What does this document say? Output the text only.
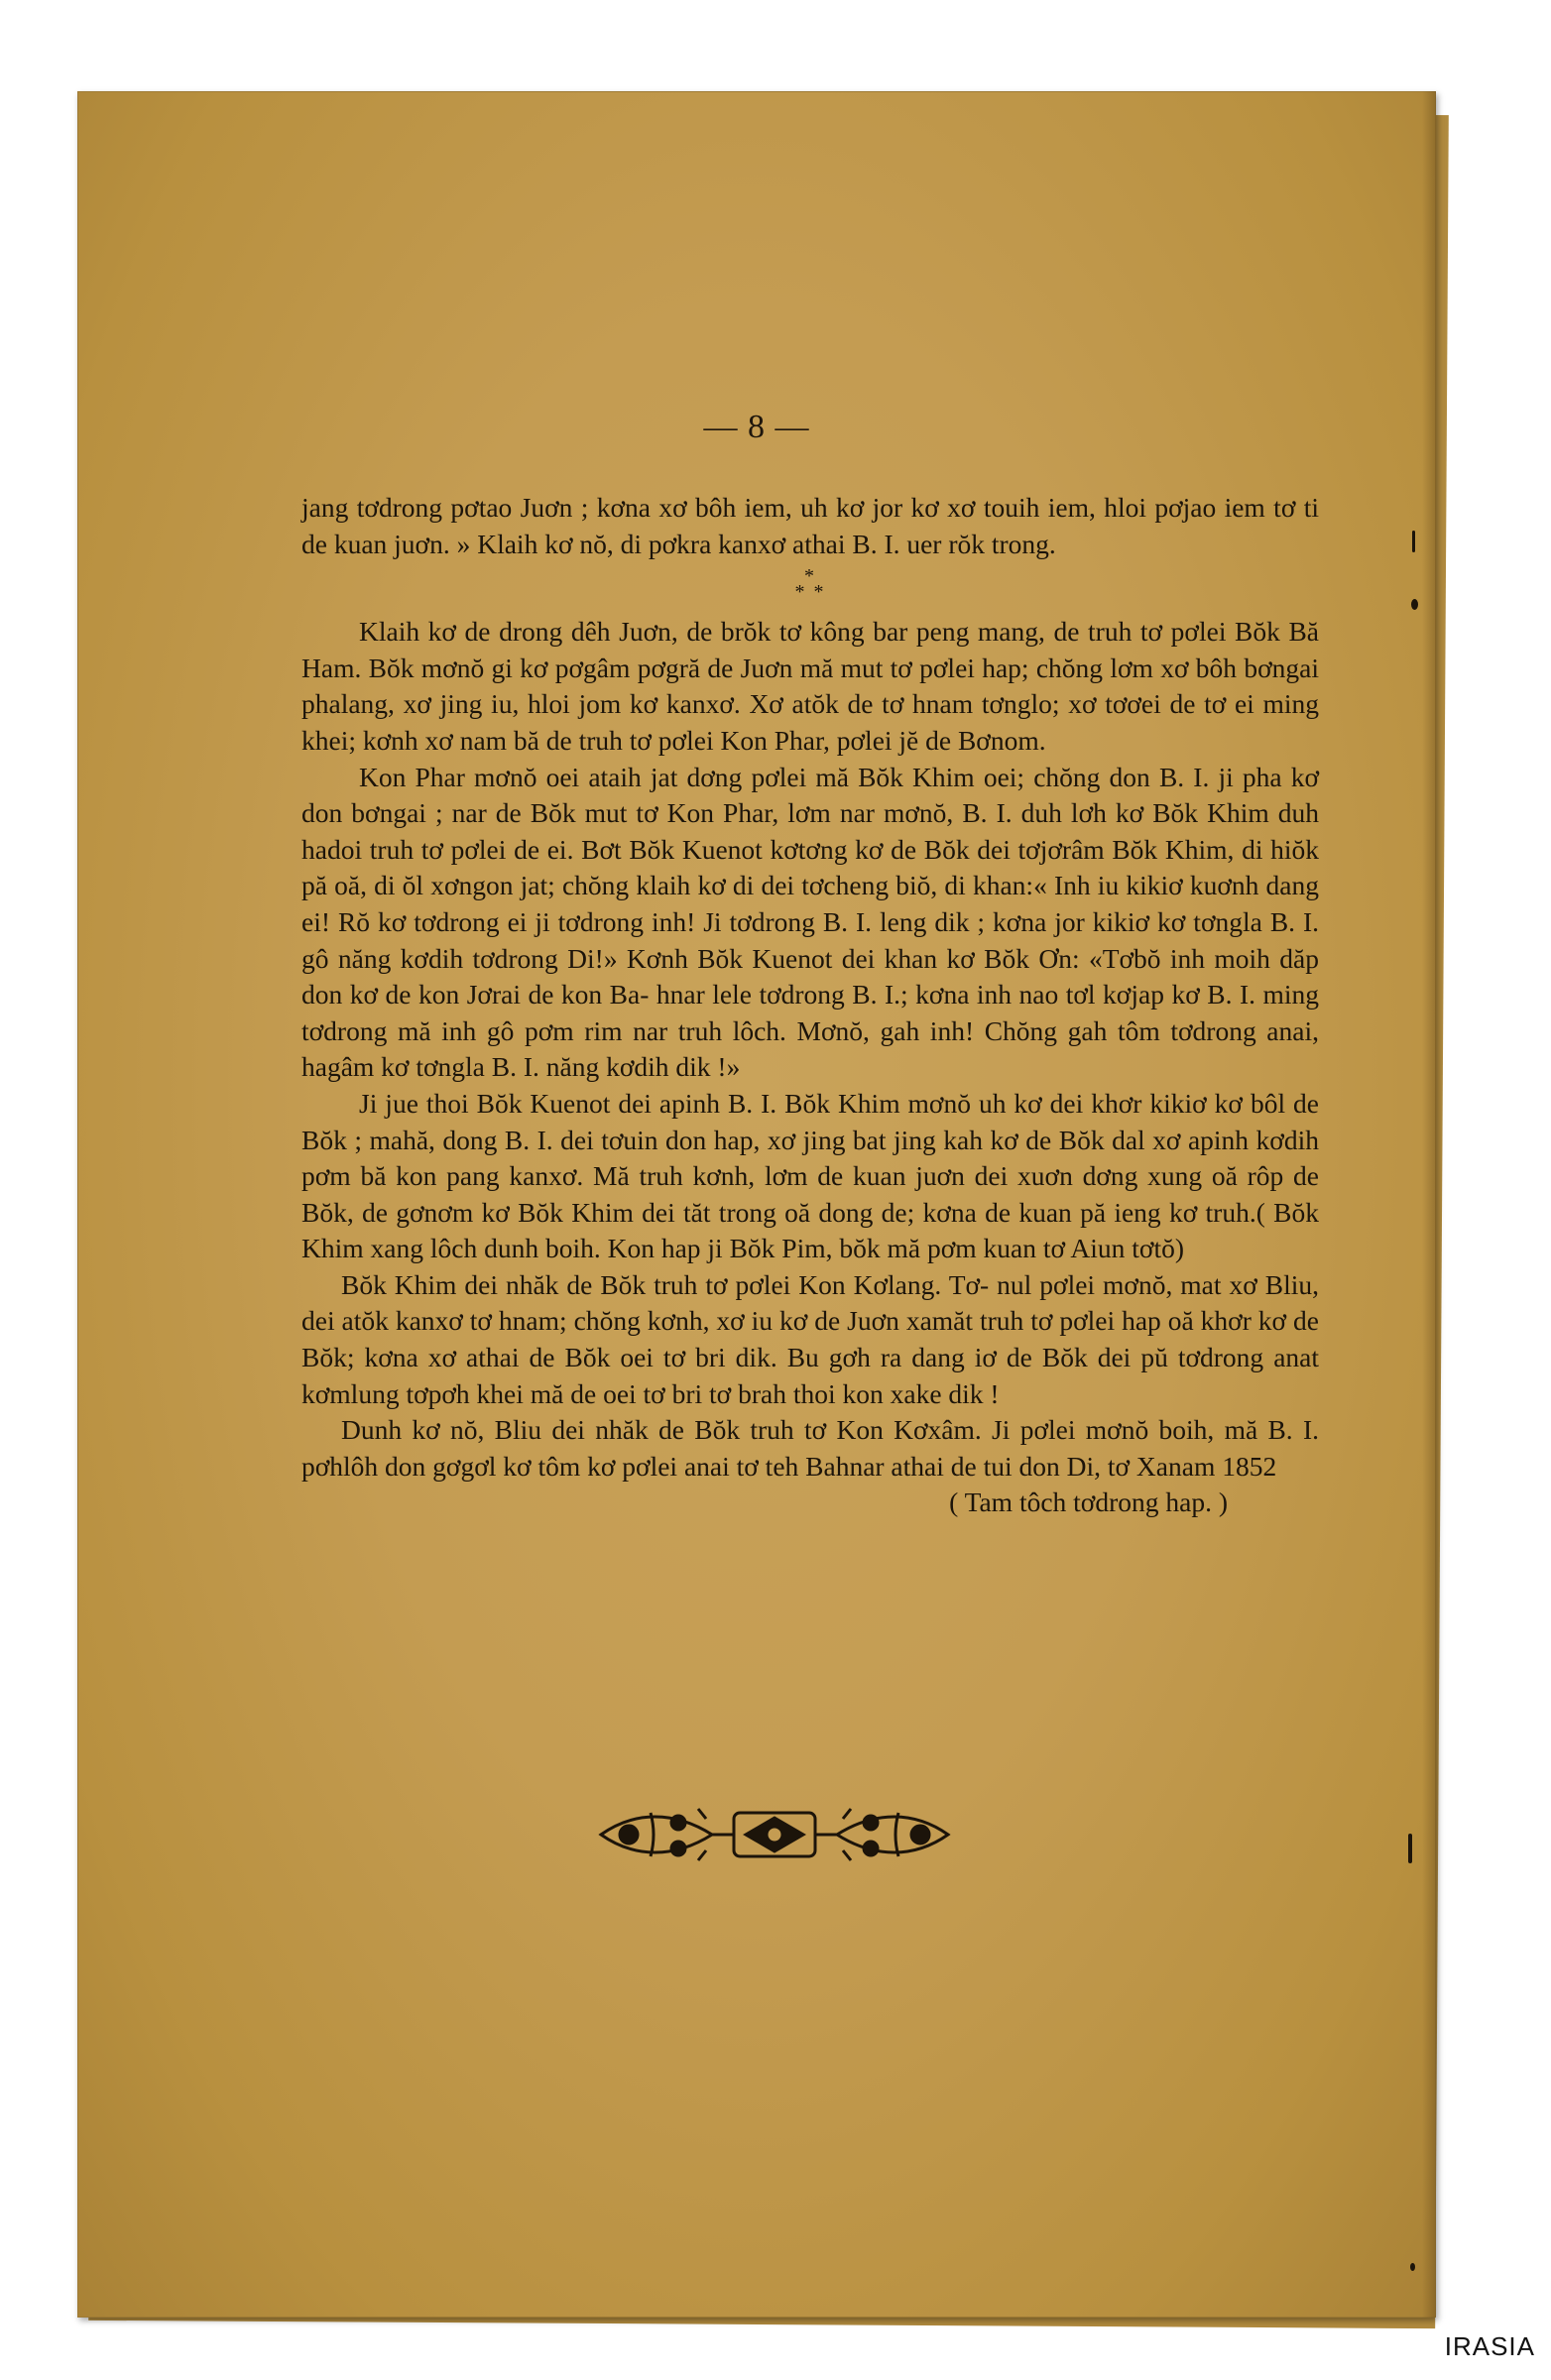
— 8 —

jang tơdrong pơtao Juơn ; kơna xơ bôh iem, uh kơ jor kơ xơ touih iem, hloi pơjao iem tơ ti de kuan juơn. » Klaih kơ nŏ, di pơkra kanxơ athai B. I. uer rŏk trong.

*
* *

Klaih kơ de drong dêh Juơn, de brŏk tơ kông bar peng mang, de truh tơ pơlei Bŏk Bă Ham. Bŏk mơnŏ gi kơ pơgâm pơgră de Juơn mă mut tơ pơlei hap; chŏng lơm xơ bôh bơngai phalang, xơ jing iu, hloi jom kơ kanxơ. Xơ atŏk de tơ hnam tơnglo; xơ tơơei de tơ ei ming khei; kơnh xơ nam bă de truh tơ pơlei Kon Phar, pơlei jĕ de Bơnom.

Kon Phar mơnŏ oei ataih jat dơng pơlei mă Bŏk Khim oei; chŏng don B. I. ji pha kơ don bơngai ; nar de Bŏk mut tơ Kon Phar, lơm nar mơnŏ, B. I. duh lơh kơ Bŏk Khim duh hadoi truh tơ pơlei de ei. Bơt Bŏk Kuenot kơtơng kơ de Bŏk dei tơjơrâm Bŏk Khim, di hiŏk pă oă, di ŏl xơngon jat; chŏng klaih kơ di dei tơcheng biŏ, di khan:« Inh iu kikiơ kuơnh dang ei! Rŏ kơ tơdrong ei ji tơdrong inh! Ji tơdrong B. I. leng dik ; kơna jor kikiơ kơ tơngla B. I. gô năng kơdih tơdrong Di!» Kơnh Bŏk Kuenot dei khan kơ Bŏk Ơn: «Tơbŏ inh moih dăp don kơ de kon Jơrai de kon Ba- hnar lele tơdrong B. I.; kơna inh nao tơl kơjap kơ B. I. ming tơdrong mă inh gô pơm rim nar truh lôch. Mơnŏ, gah inh! Chŏng gah tôm tơdrong anai, hagâm kơ tơngla B. I. năng kơdih dik !»

Ji jue thoi Bŏk Kuenot dei apinh B. I. Bŏk Khim mơnŏ uh kơ dei khơr kikiơ kơ bôl de Bŏk ; mahă, dong B. I. dei tơuin don hap, xơ jing bat jing kah kơ de Bŏk dal xơ apinh kơdih pơm bă kon pang kanxơ. Mă truh kơnh, lơm de kuan juơn dei xuơn dơng xung oă rôp de Bŏk, de gơnơm kơ Bŏk Khim dei tăt trong oă dong de; kơna de kuan pă ieng kơ truh.( Bŏk Khim xang lôch dunh boih. Kon hap ji Bŏk Pim, bŏk mă pơm kuan tơ Aiun tơtŏ)

Bŏk Khim dei nhăk de Bŏk truh tơ pơlei Kon Kơlang. Tơ- nul pơlei mơnŏ, mat xơ Bliu, dei atŏk kanxơ tơ hnam; chŏng kơnh, xơ iu kơ de Juơn xamăt truh tơ pơlei hap oă khơr kơ de Bŏk; kơna xơ athai de Bŏk oei tơ bri dik. Bu gơh ra dang iơ de Bŏk dei pŭ tơdrong anat kơmlung tơpơh khei mă de oei tơ bri tơ brah thoi kon xake dik !

Dunh kơ nŏ, Bliu dei nhăk de Bŏk truh tơ Kon Kơxâm. Ji pơlei mơnŏ boih, mă B. I. pơhlôh don gơgơl kơ tôm kơ pơlei anai tơ teh Bahnar athai de tui don Di, tơ Xanam 1852

( Tam tôch tơdrong hap. )

IRASIA
